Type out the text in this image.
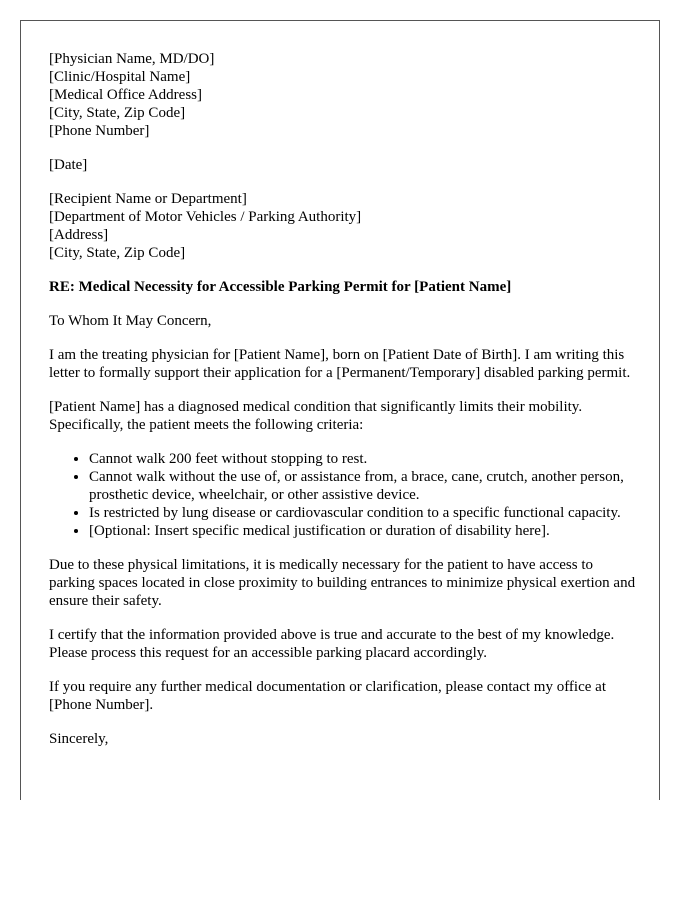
[Physician Name, MD/DO]
[Clinic/Hospital Name]
[Medical Office Address]
[City, State, Zip Code]
[Phone Number]

[Date]

[Recipient Name or Department]
[Department of Motor Vehicles / Parking Authority]
[Address]
[City, State, Zip Code]

RE: Medical Necessity for Accessible Parking Permit for [Patient Name]

To Whom It May Concern,

I am the treating physician for [Patient Name], born on [Patient Date of Birth]. I am writing this letter to formally support their application for a [Permanent/Temporary] disabled parking permit.

[Patient Name] has a diagnosed medical condition that significantly limits their mobility. Specifically, the patient meets the following criteria:

• Cannot walk 200 feet without stopping to rest.
• Cannot walk without the use of, or assistance from, a brace, cane, crutch, another person, prosthetic device, wheelchair, or other assistive device.
• Is restricted by lung disease or cardiovascular condition to a specific functional capacity.
• [Optional: Insert specific medical justification or duration of disability here].

Due to these physical limitations, it is medically necessary for the patient to have access to parking spaces located in close proximity to building entrances to minimize physical exertion and ensure their safety.

I certify that the information provided above is true and accurate to the best of my knowledge. Please process this request for an accessible parking placard accordingly.

If you require any further medical documentation or clarification, please contact my office at [Phone Number].

Sincerely,
